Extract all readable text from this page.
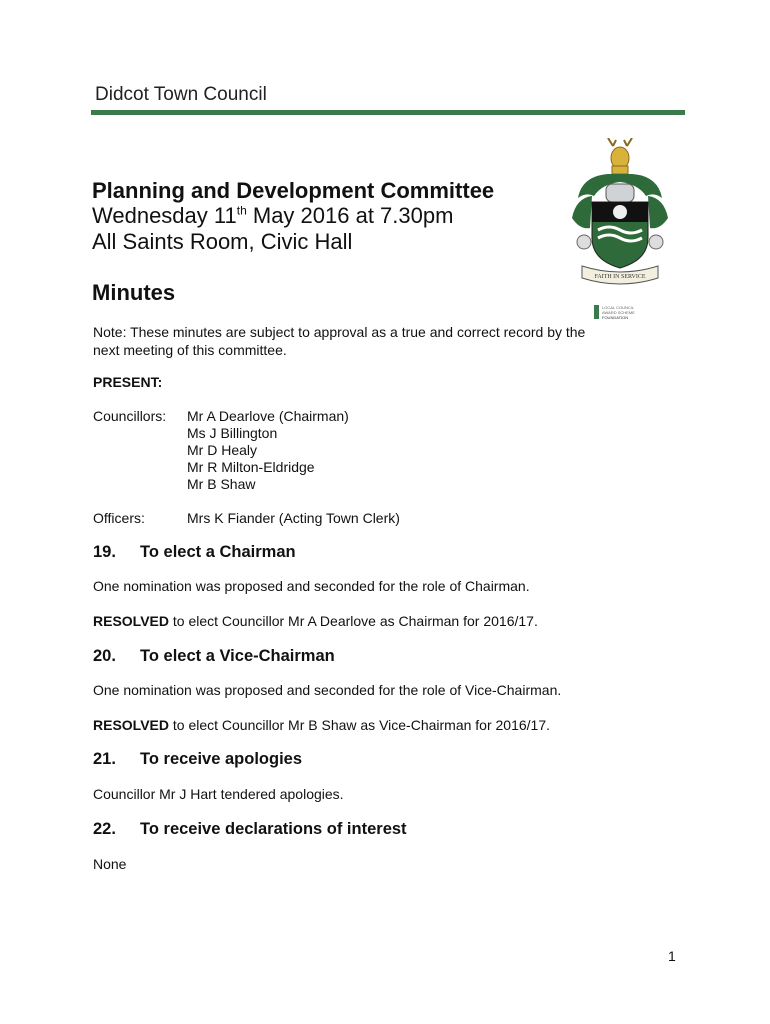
Didcot Town Council
FAITH IN SERVICE
LOCAL COUNCIL
AWARD SCHEME
FOUNDATION
Planning and Development Committee
Wednesday 11th May 2016 at 7.30pm
All Saints Room, Civic Hall
Minutes
Note: These minutes are subject to approval as a true and correct record by the next meeting of this committee.
PRESENT:
Councillors: Mr A Dearlove (Chairman)
Ms J Billington
Mr D Healy
Mr R Milton-Eldridge
Mr B Shaw
Officers:	Mrs K Fiander (Acting Town Clerk)
19. To elect a Chairman
One nomination was proposed and seconded for the role of Chairman.
RESOLVED to elect Councillor Mr A Dearlove as Chairman for 2016/17.
20. To elect a Vice-Chairman
One nomination was proposed and seconded for the role of Vice-Chairman.
RESOLVED to elect Councillor Mr B Shaw as Vice-Chairman for 2016/17.
21. To receive apologies
Councillor Mr J Hart tendered apologies.
22. To receive declarations of interest
None
1
